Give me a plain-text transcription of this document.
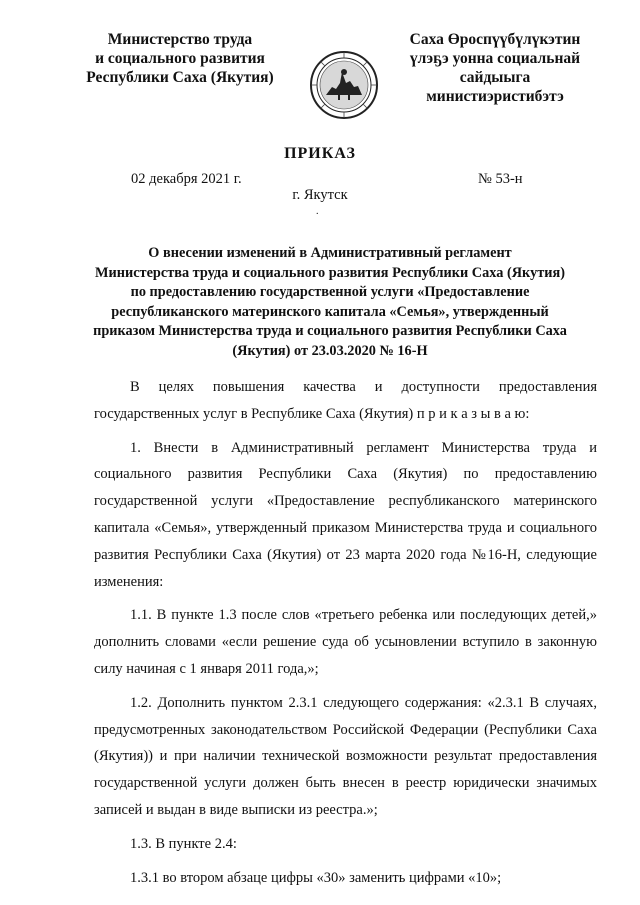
Министерство труда
и социального развития
Республики Саха (Якутия)
Саха Өроспүүбүлүкэтин
үлэҕэ уонна социальнай
сайдыыга министиэристибэтэ
ПРИКАЗ
02 декабря 2021 г.	№ 53-н
г. Якутск
.
О внесении изменений в Административный регламент
Министерства труда и социального развития Республики Саха (Якутия)
по предоставлению государственной услуги «Предоставление
республиканского материнского капитала «Семья», утвержденный
приказом Министерства труда и социального развития Республики Саха
(Якутия) от 23.03.2020 № 16-Н

В целях повышения качества и доступности предоставления государственных услуг в Республике Саха (Якутия) п р и к а з ы в а ю:

1. Внести в Административный регламент Министерства труда и социального развития Республики Саха (Якутия) по предоставлению государственной услуги «Предоставление республиканского материнского капитала «Семья», утвержденный приказом Министерства труда и социального развития Республики Саха (Якутия) от 23 марта 2020 года №16-Н, следующие изменения:

1.1. В пункте 1.3 после слов «третьего ребенка или последующих детей,» дополнить словами «если решение суда об усыновлении вступило в законную силу начиная с 1 января 2011 года,»;

1.2. Дополнить пунктом 2.3.1 следующего содержания: «2.3.1 В случаях, предусмотренных законодательством Российской Федерации (Республики Саха (Якутия)) и при наличии технической возможности результат предоставления государственной услуги должен быть внесен в реестр юридически значимых записей и выдан в виде выписки из реестра.»;

1.3. В пункте 2.4:

1.3.1 во втором абзаце цифры «30» заменить цифрами «10»;
